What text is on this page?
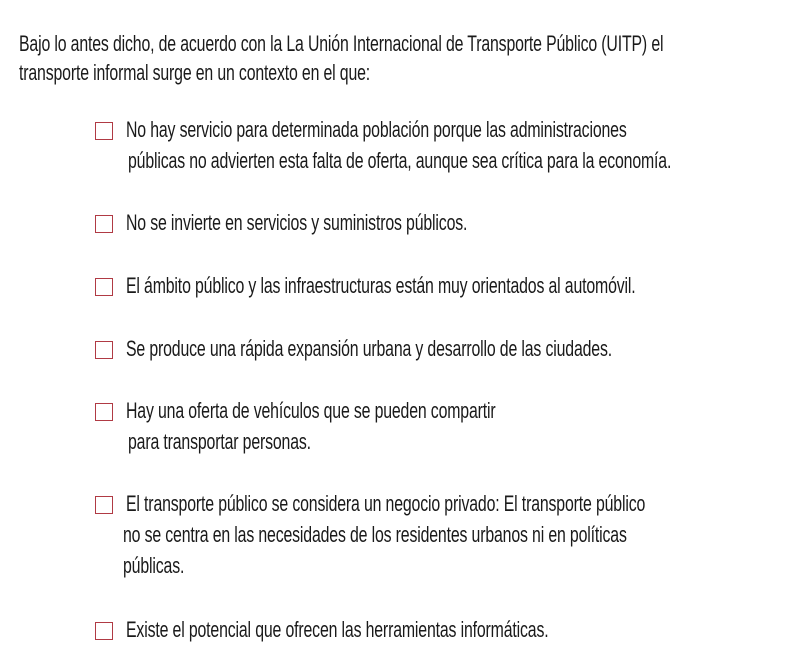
Bajo lo antes dicho, de acuerdo con la La Unión Internacional de Transporte Público (UITP) el
transporte informal surge en un contexto en el que:
No hay servicio para determinada población porque las administraciones
públicas no advierten esta falta de oferta, aunque sea crítica para la economía.
No se invierte en servicios y suministros públicos.
El ámbito público y las infraestructuras están muy orientados al automóvil.
Se produce una rápida expansión urbana y desarrollo de las ciudades.
Hay una oferta de vehículos que se pueden compartir
para transportar personas.
El transporte público se considera un negocio privado: El transporte público
no se centra en las necesidades de los residentes urbanos ni en políticas
públicas.
Existe el potencial que ofrecen las herramientas informáticas.
